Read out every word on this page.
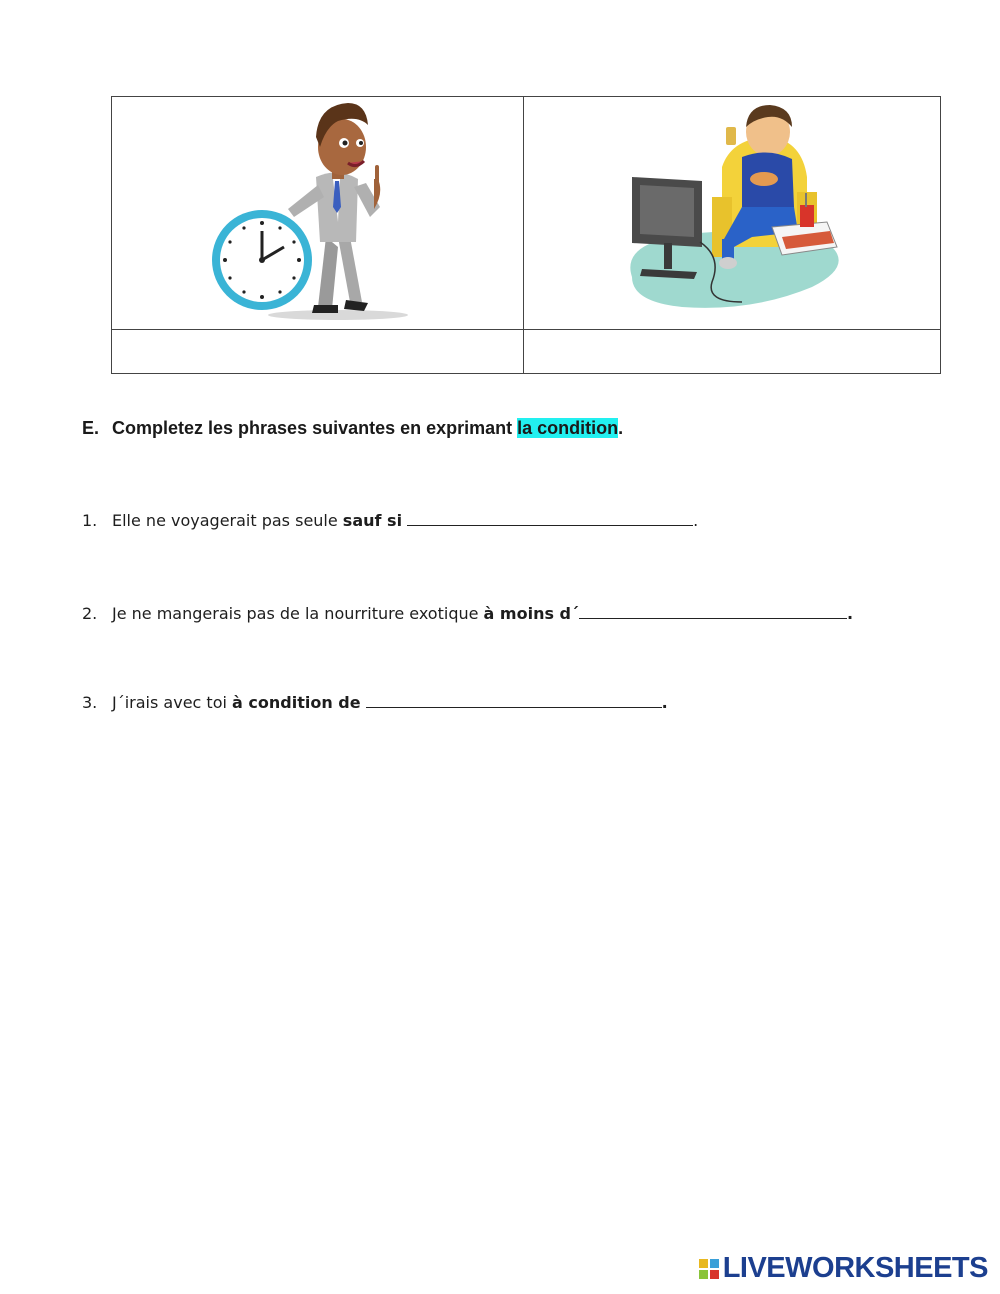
E. Completez les phrases suivantes en exprimant la condition.
1. Elle ne voyagerait pas seule sauf si	.
2. Je ne mangerais pas de la nourriture exotique à moins d´	.
3. J´irais avec toi à condition de	.
LIVEWORKSHEETS
